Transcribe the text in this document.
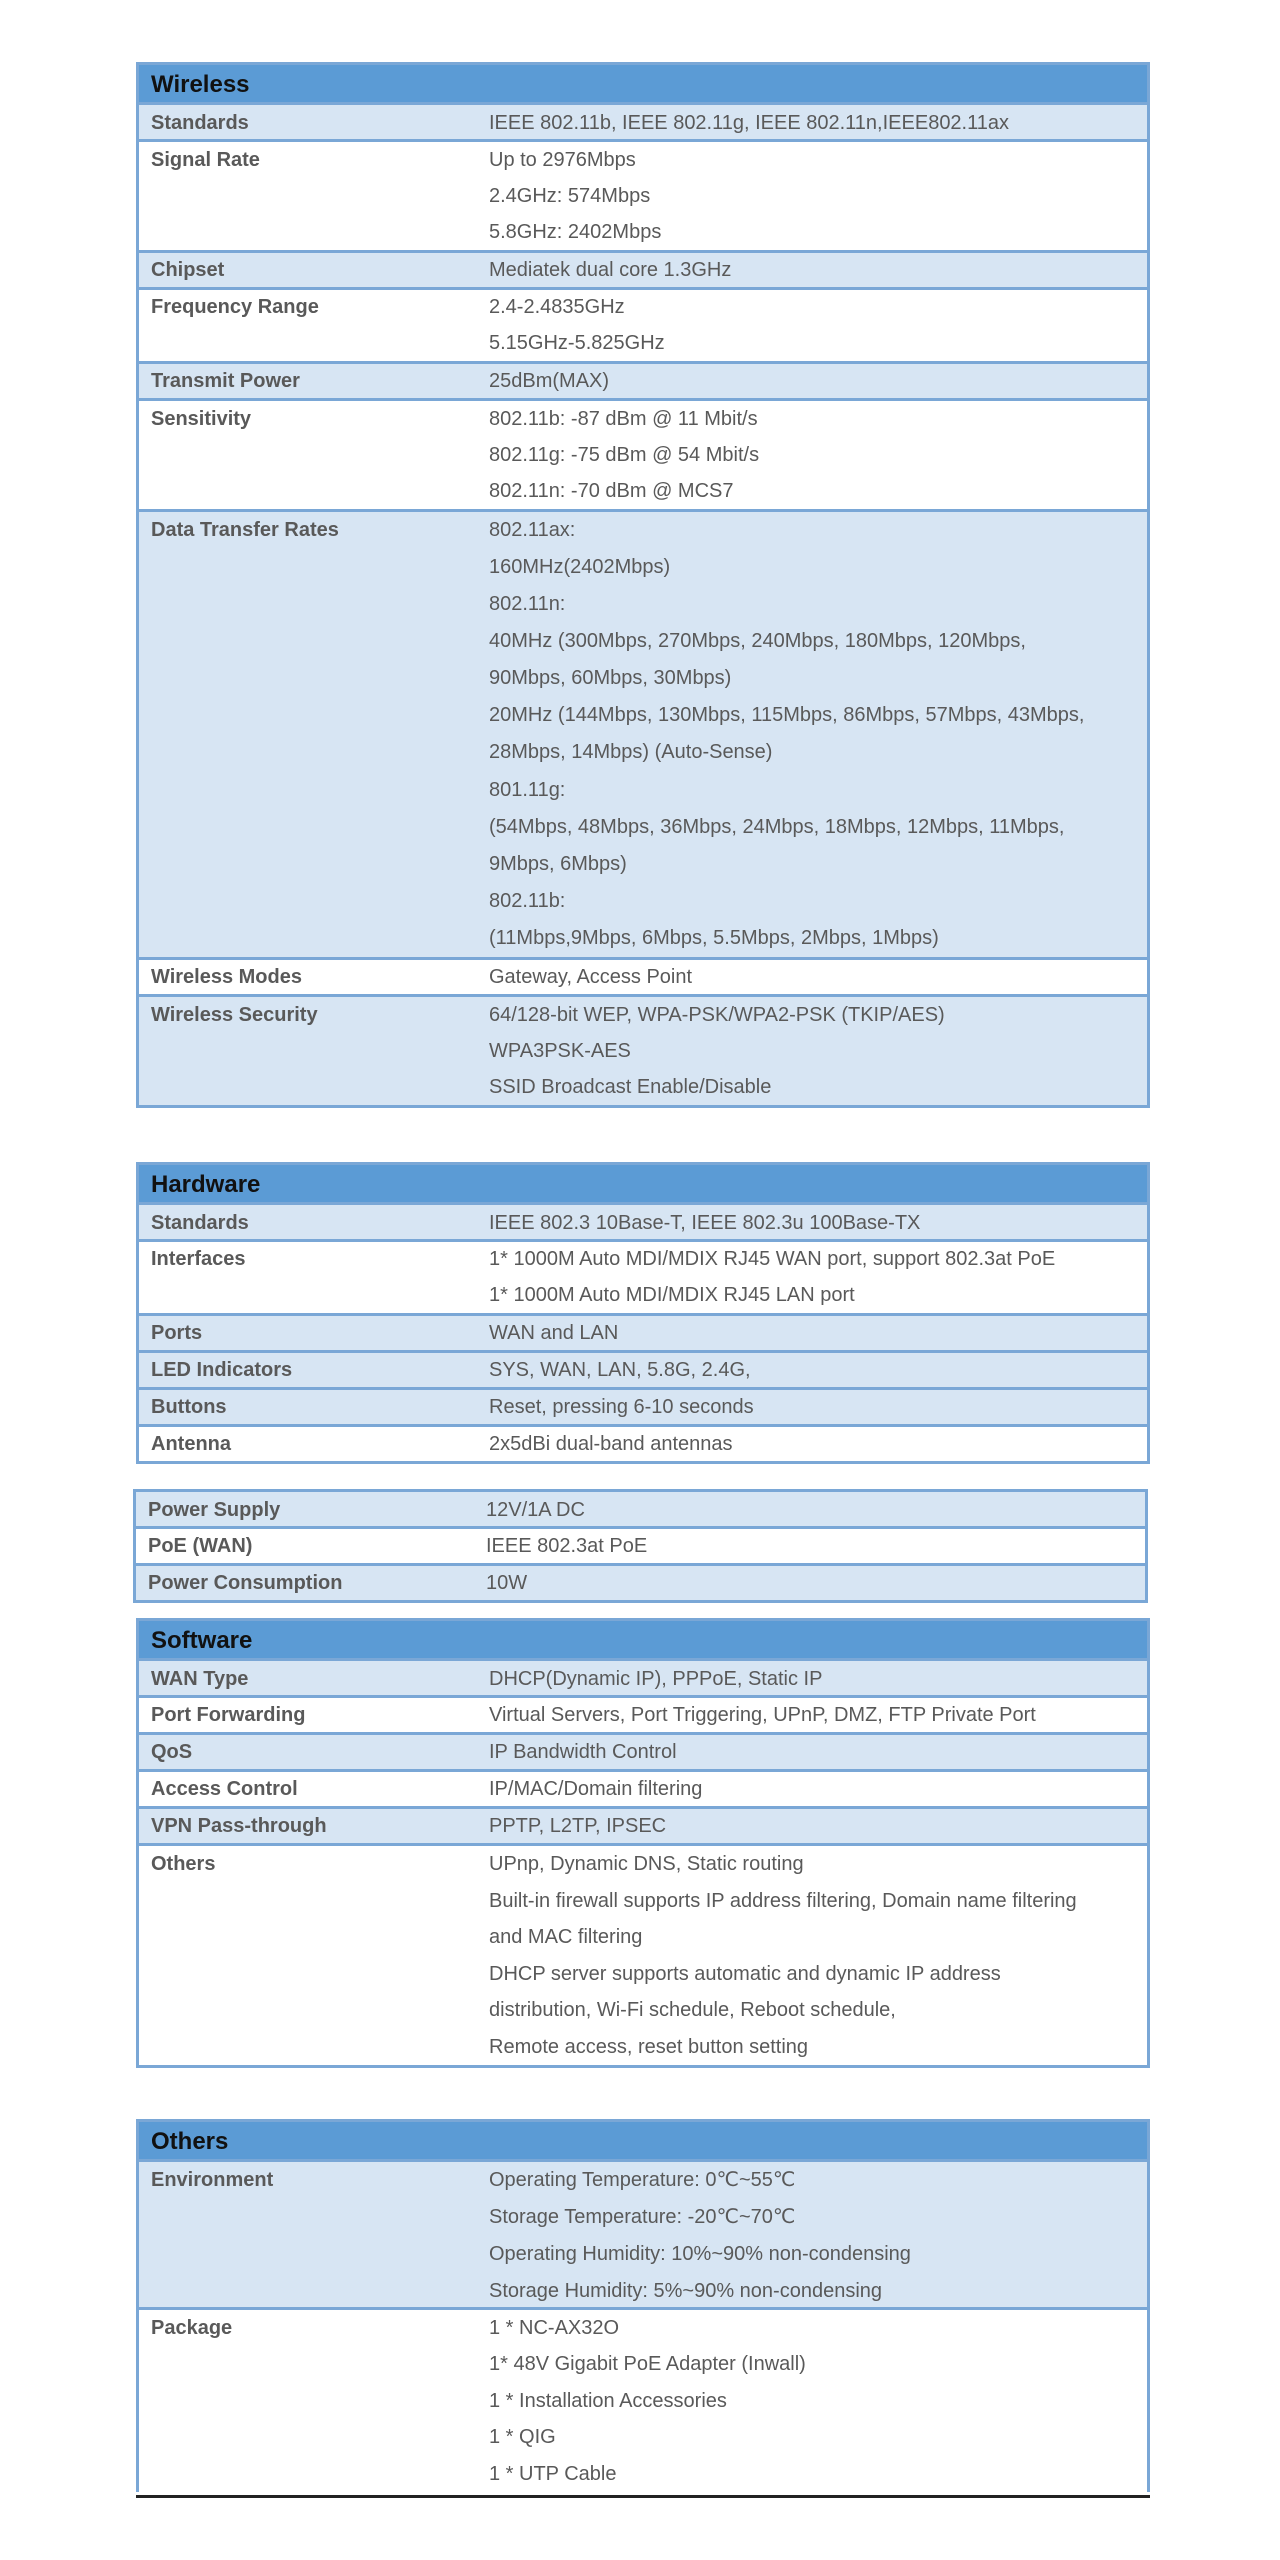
Wireless
Standards	IEEE 802.11b, IEEE 802.11g, IEEE 802.11n,IEEE802.11ax
Signal Rate	Up to 2976Mbps
2.4GHz: 574Mbps
5.8GHz: 2402Mbps
Chipset	Mediatek dual core 1.3GHz
Frequency Range	2.4-2.4835GHz
5.15GHz-5.825GHz
Transmit Power	25dBm(MAX)
Sensitivity	802.11b: -87 dBm @ 11 Mbit/s
802.11g: -75 dBm @ 54 Mbit/s
802.11n: -70 dBm @ MCS7
Data Transfer Rates	802.11ax:
160MHz(2402Mbps)
802.11n:
40MHz (300Mbps, 270Mbps, 240Mbps, 180Mbps, 120Mbps,
90Mbps, 60Mbps, 30Mbps)
20MHz (144Mbps, 130Mbps, 115Mbps, 86Mbps, 57Mbps, 43Mbps,
28Mbps, 14Mbps) (Auto-Sense)
801.11g:
(54Mbps, 48Mbps, 36Mbps, 24Mbps, 18Mbps, 12Mbps, 11Mbps,
9Mbps, 6Mbps)
802.11b:
(11Mbps,9Mbps, 6Mbps, 5.5Mbps, 2Mbps, 1Mbps)
Wireless Modes	Gateway, Access Point
Wireless Security	64/128-bit WEP, WPA-PSK/WPA2-PSK (TKIP/AES)
WPA3PSK-AES
SSID Broadcast Enable/Disable
Hardware
Standards	IEEE 802.3 10Base-T, IEEE 802.3u 100Base-TX
Interfaces	1* 1000M Auto MDI/MDIX RJ45 WAN port, support 802.3at PoE
1* 1000M Auto MDI/MDIX RJ45 LAN port
Ports	WAN and LAN
LED Indicators	SYS, WAN, LAN, 5.8G, 2.4G,
Buttons	Reset, pressing 6-10 seconds
Antenna	2x5dBi dual-band antennas
Power Supply	12V/1A DC
PoE (WAN)	IEEE 802.3at PoE
Power Consumption	10W
Software
WAN Type	DHCP(Dynamic IP), PPPoE, Static IP
Port Forwarding	Virtual Servers, Port Triggering, UPnP, DMZ, FTP Private Port
QoS	IP Bandwidth Control
Access Control	IP/MAC/Domain filtering
VPN Pass-through	PPTP, L2TP, IPSEC
Others	UPnp, Dynamic DNS, Static routing
Built-in firewall supports IP address filtering, Domain name filtering
and MAC filtering
DHCP server supports automatic and dynamic IP address
distribution, Wi-Fi schedule, Reboot schedule,
Remote access, reset button setting
Others
Environment	Operating Temperature: 0℃~55℃
Storage Temperature: -20℃~70℃
Operating Humidity: 10%~90% non-condensing
Storage Humidity: 5%~90% non-condensing
Package	1 * NC-AX32O
1* 48V Gigabit PoE Adapter (Inwall)
1 * Installation Accessories
1 * QIG
1 * UTP Cable
